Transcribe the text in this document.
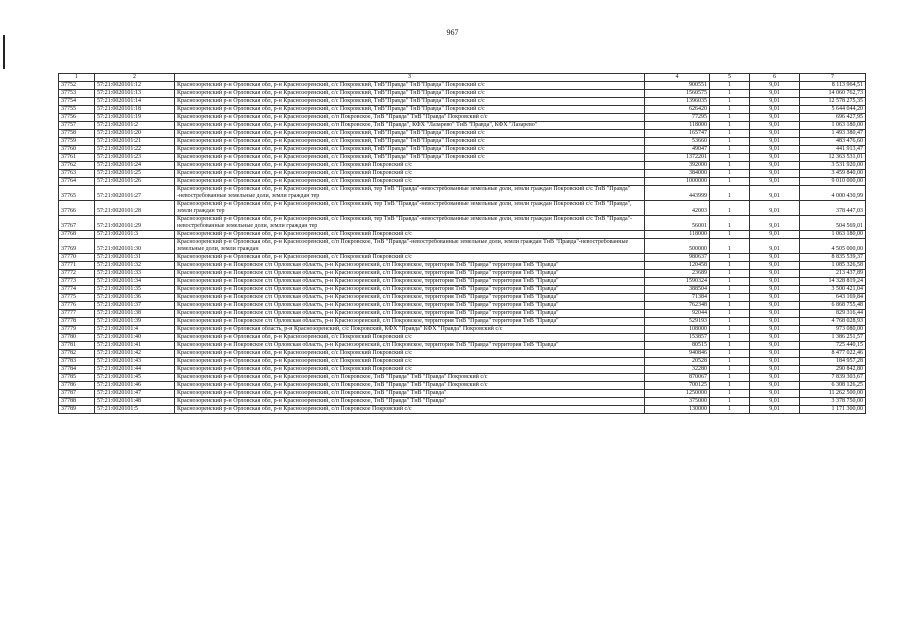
967
1	2	3	4	5	6	7
37752	57:21:0020101:12	Красноэоренский р-н Орловская обл, р-н Красноэоренский, с/с Покровский, ТнВ"Правда" ТнВ"Правда" Покровский с/с	900551	1	9,01	8 113 964,51
37753	57:21:0020101:13	Красноэоренский р-н Орловская обл, р-н Красноэоренский, с/с Покровский, ТнВ"Правда" ТнВ"Правда" Покровский с/с	1560575	1	9,01	14 060 762,73
37754	57:21:0020101:14	Красноэоренский р-н Орловская обл, р-н Красноэоренский, с/с Покровский, ТнВ"Правда" ТнВ"Правда" Покровский с/с	1396035	1	9,01	12 578 275,35
37755	57:21:0020101:18	Красноэоренский р-н Орловская обл, р-н Красноэоренский, с/с Покровский, ТнВ"Правда" ТнВ"Правда" Покровский с/с	626420	1	9,01	5 644 044,20
37756	57:21:0020101:19	Красноэоренский р-н Орловская обл, р-н Красноэоренский, с/п Покровское, ТнВ "Правда" ТнВ "Правда" Покровский с/с	77295	1	9,01	696 427,95
37757	57:21:0020101:2	Красноэоренский р-н Орловская обл, р-н Красноэоренский, с/п Покровское, ТнВ "Правда", КФХ "Лазарево" ТнВ "Правда", КФХ "Лазарево"	118000	1	9,01	1 063 180,00
37758	57:21:0020101:20	Красноэоренский р-н Орловская обл, р-н Красноэоренский, с/с Покровский, ТнВ"Правда" ТнВ"Правда" Покровский с/с	165747	1	9,01	1 493 380,47
37759	57:21:0020101:21	Красноэоренский р-н Орловская обл, р-н Красноэоренский, с/с Покровский, ТнВ"Правда" ТнВ"Правда" Покровский с/с	53660	1	9,01	483 476,60
37760	57:21:0020101:22	Красноэоренский р-н Орловская обл, р-н Красноэоренский, с/с Покровский, ТнВ"Правда" ТнВ"Правда" Покровский с/с	49047	1	9,01	441 913,47
37761	57:21:0020101:23	Красноэоренский р-н Орловская обл, р-н Красноэоренский, с/с Покровский, ТнВ"Правда" ТнВ"Правда" Покровский с/с	1372201	1	9,01	12 363 531,01
37762	57:21:0020101:24	Красноэоренский р-н Орловская обл, р-н Красноэоренский, с/с Покровский Покровский с/с	392000	1	9,01	3 531 920,00
37763	57:21:0020101:25	Красноэоренский р-н Орловская обл, р-н Красноэоренский, с/с Покровский Покровский с/с	384000	1	9,01	3 459 840,00
37764	57:21:0020101:26	Красноэоренский р-н Орловская обл, р-н Красноэоренский, с/с Покровский Покровский с/с	1000000	1	9,01	9 010 000,00
37765	57:21:0020101:27	Красноэоренский р-н Орловская обл, р-н Красноэоренский, с/с Покровский, тер ТнВ "Правда"-невостребованные земельные доли, земли граждан Покровский с/с ТнВ "Правда" -невостребованные земельные доли, земли граждан тер	443999	1	9,01	4 000 430,99
37766	57:21:0020101:28	Красноэоренский р-н Орловская обл, р-н Красноэоренский, с/с Покровский, тер ТнВ "Правда"-невостребованные земельные доли, земли граждан Покровский с/с ТнВ "Правда", земли граждан тер	42003	1	9,01	378 447,03
37767	57:21:0020101:29	Красноэоренский р-н Орловская обл, р-н Красноэоренский, с/с Покровский, тер ТнВ "Правда"-невостребованные земельные доли, земли граждан Покровский с/с ТнВ "Правда"-невостребованные земельные доли, земли граждан тер	56001	1	9,01	504 569,01
37768	57:21:0020101:3	Красноэоренский р-н Орловская обл, р-н Красноэоренский, с/с Покровский Покровский с/с	118000	1	9,01	1 063 180,00
37769	57:21:0020101:30	Красноэоренский р-н Орловская обл, р-н Красноэоренский, с/п Покровское, ТнВ "Правда"-невостребованные земельные доли, земли граждан ТнВ "Правда"-невостребованные земельные доли, земли граждан	500000	1	9,01	4 505 000,00
37770	57:21:0020101:31	Красноэоренский р-н Орловская обл, р-н Красноэоренский, с/с Покровский Покровский с/с	980637	1	9,01	8 835 539,37
37771	57:21:0020101:32	Красноэоренский р-н Покровское с/п Орловская область, р-н Красноэоренский, с/п Покровское, территория ТнВ "Правда" территория ТнВ "Правда"	120458	1	9,01	1 085 326,58
37772	57:21:0020101:33	Красноэоренский р-н Покровское с/п Орловская область, р-н Красноэоренский, с/п Покровское, территория ТнВ "Правда" территория ТнВ "Правда"	23689	1	9,01	213 437,89
37773	57:21:0020101:34	Красноэоренский р-н Покровское с/п Орловская область, р-н Красноэоренский, с/п Покровское, территория ТнВ "Правда" территория ТнВ "Правда"	1590324	1	9,01	14 328 819,24
37774	57:21:0020101:35	Красноэоренский р-н Покровское с/п Орловская область, р-н Красноэоренский, с/п Покровское, территория ТнВ "Правда" территория ТнВ "Правда"	388504	1	9,01	3 500 421,04
37775	57:21:0020101:36	Красноэоренский р-н Покровское с/п Орловская область, р-н Красноэоренский, с/п Покровское, территория ТнВ "Правда" территория ТнВ "Правда"	71384	1	9,01	643 169,84
37776	57:21:0020101:37	Красноэоренский р-н Покровское с/п Орловская область, р-н Красноэоренский, с/п Покровское, территория ТнВ "Правда" территория ТнВ "Правда"	762348	1	9,01	6 868 755,48
37777	57:21:0020101:38	Красноэоренский р-н Покровское с/п Орловская область, р-н Красноэоренский, с/п Покровское, территория ТнВ "Правда" территория ТнВ "Правда"	92044	1	9,01	829 316,44
37778	57:21:0020101:39	Красноэоренский р-н Покровское с/п Орловская область, р-н Красноэоренский, с/п Покровское, территория ТнВ "Правда" территория ТнВ "Правда"	529193	1	9,01	4 768 028,93
37779	57:21:0020101:4	Красноэоренский р-н Орловская область, р-н Красноэоренский, с/с Покровский, КФХ "Правда" КФХ "Правда" Покровский с/с	108000	1	9,01	973 080,00
37780	57:21:0020101:40	Красноэоренский р-н Орловская обл, р-н Красноэоренский, с/с Покровский Покровский с/с	153857	1	9,01	1 386 251,57
37781	57:21:0020101:41	Красноэоренский р-н Покровское с/п Орловская область, р-н Красноэоренский, с/п Покровское, территория ТнВ "Правда" территория ТнВ "Правда"	80515	1	9,01	725 440,15
37782	57:21:0020101:42	Красноэоренский р-н Орловская обл, р-н Красноэоренский, с/с Покровский Покровский с/с	940846	1	9,01	8 477 022,46
37783	57:21:0020101:43	Красноэоренский р-н Орловская обл, р-н Красноэоренский, с/с Покровский Покровский с/с	20528	1	9,01	184 957,28
37784	57:21:0020101:44	Красноэоренский р-н Орловская обл, р-н Красноэоренский, с/с Покровский Покровский с/с	32280	1	9,01	290 842,80
37785	57:21:0020101:45	Красноэоренский р-н Орловская обл, р-н Красноэоренский, с/п Покровское, ТнВ "Правда" ТнВ "Правда" Покровский с/с	870067	1	9,01	7 839 303,67
37786	57:21:0020101:46	Красноэоренский р-н Орловская обл, р-н Красноэоренский, с/п Покровское, ТнВ "Правда" ТнВ "Правда" Покровский с/с	700125	1	9,01	6 308 126,25
37787	57:21:0020101:47	Красноэоренский р-н Орловская обл, р-н Красноэоренский, с/п Покровское, ТнВ "Правда" ТнВ "Правда"	1250000	1	9,01	11 262 500,00
37788	57:21:0020101:48	Красноэоренский р-н Орловская обл, р-н Красноэоренский, с/п Покровское, ТнВ "Правда" ТнВ "Правда"	375000	1	9,01	3 378 750,00
37789	57:21:0020101:5	Красноэоренский р-н Орловская обл, р-н Красноэоренский, с/п Покровское Покровский с/с	130000	1	9,01	1 171 300,00
